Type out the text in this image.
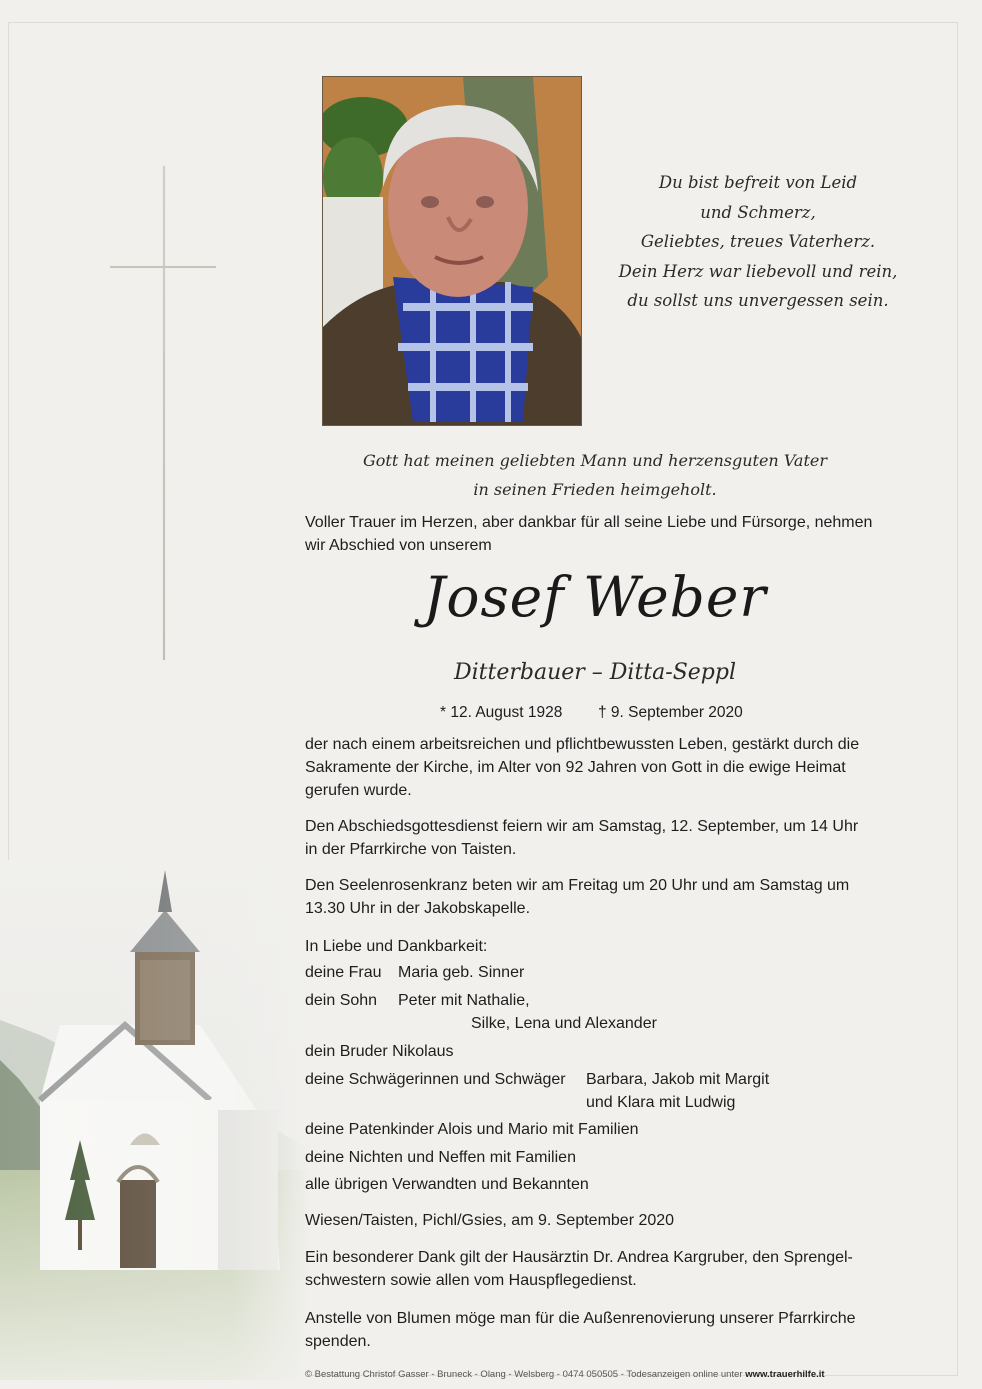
Du bist befreit von Leid
und Schmerz,
Geliebtes, treues Vaterherz.
Dein Herz war liebevoll und rein,
du sollst uns unvergessen sein.
Gott hat meinen geliebten Mann und herzensguten Vater
in seinen Frieden heimgeholt.
Voller Trauer im Herzen, aber dankbar für all seine Liebe und Fürsorge, nehmen
wir Abschied von unserem
Josef Weber
Ditterbauer – Ditta-Seppl
* 12. August 1928 † 9. September 2020
der nach einem arbeitsreichen und pflichtbewussten Leben, gestärkt durch die
Sakramente der Kirche, im Alter von 92 Jahren von Gott in die ewige Heimat
gerufen wurde.
Den Abschiedsgottesdienst feiern wir am Samstag, 12. September, um 14 Uhr
in der Pfarrkirche von Taisten.
Den Seelenrosenkranz beten wir am Freitag um 20 Uhr und am Samstag um
13.30 Uhr in der Jakobskapelle.
In Liebe und Dankbarkeit:
deine Frau Maria geb. Sinner
dein Sohn Peter mit Nathalie,
Silke, Lena und Alexander
dein Bruder Nikolaus
deine Schwägerinnen und Schwäger Barbara, Jakob mit Margit
und Klara mit Ludwig
deine Patenkinder Alois und Mario mit Familien
deine Nichten und Neffen mit Familien
alle übrigen Verwandten und Bekannten
Wiesen/Taisten, Pichl/Gsies, am 9. September 2020
Ein besonderer Dank gilt der Hausärztin Dr. Andrea Kargruber, den Sprengel-
schwestern sowie allen vom Hauspflegedienst.
Anstelle von Blumen möge man für die Außenrenovierung unserer Pfarrkirche
spenden.
© Bestattung Christof Gasser - Bruneck - Olang - Welsberg - 0474 050505 - Todesanzeigen online unter www.trauerhilfe.it
